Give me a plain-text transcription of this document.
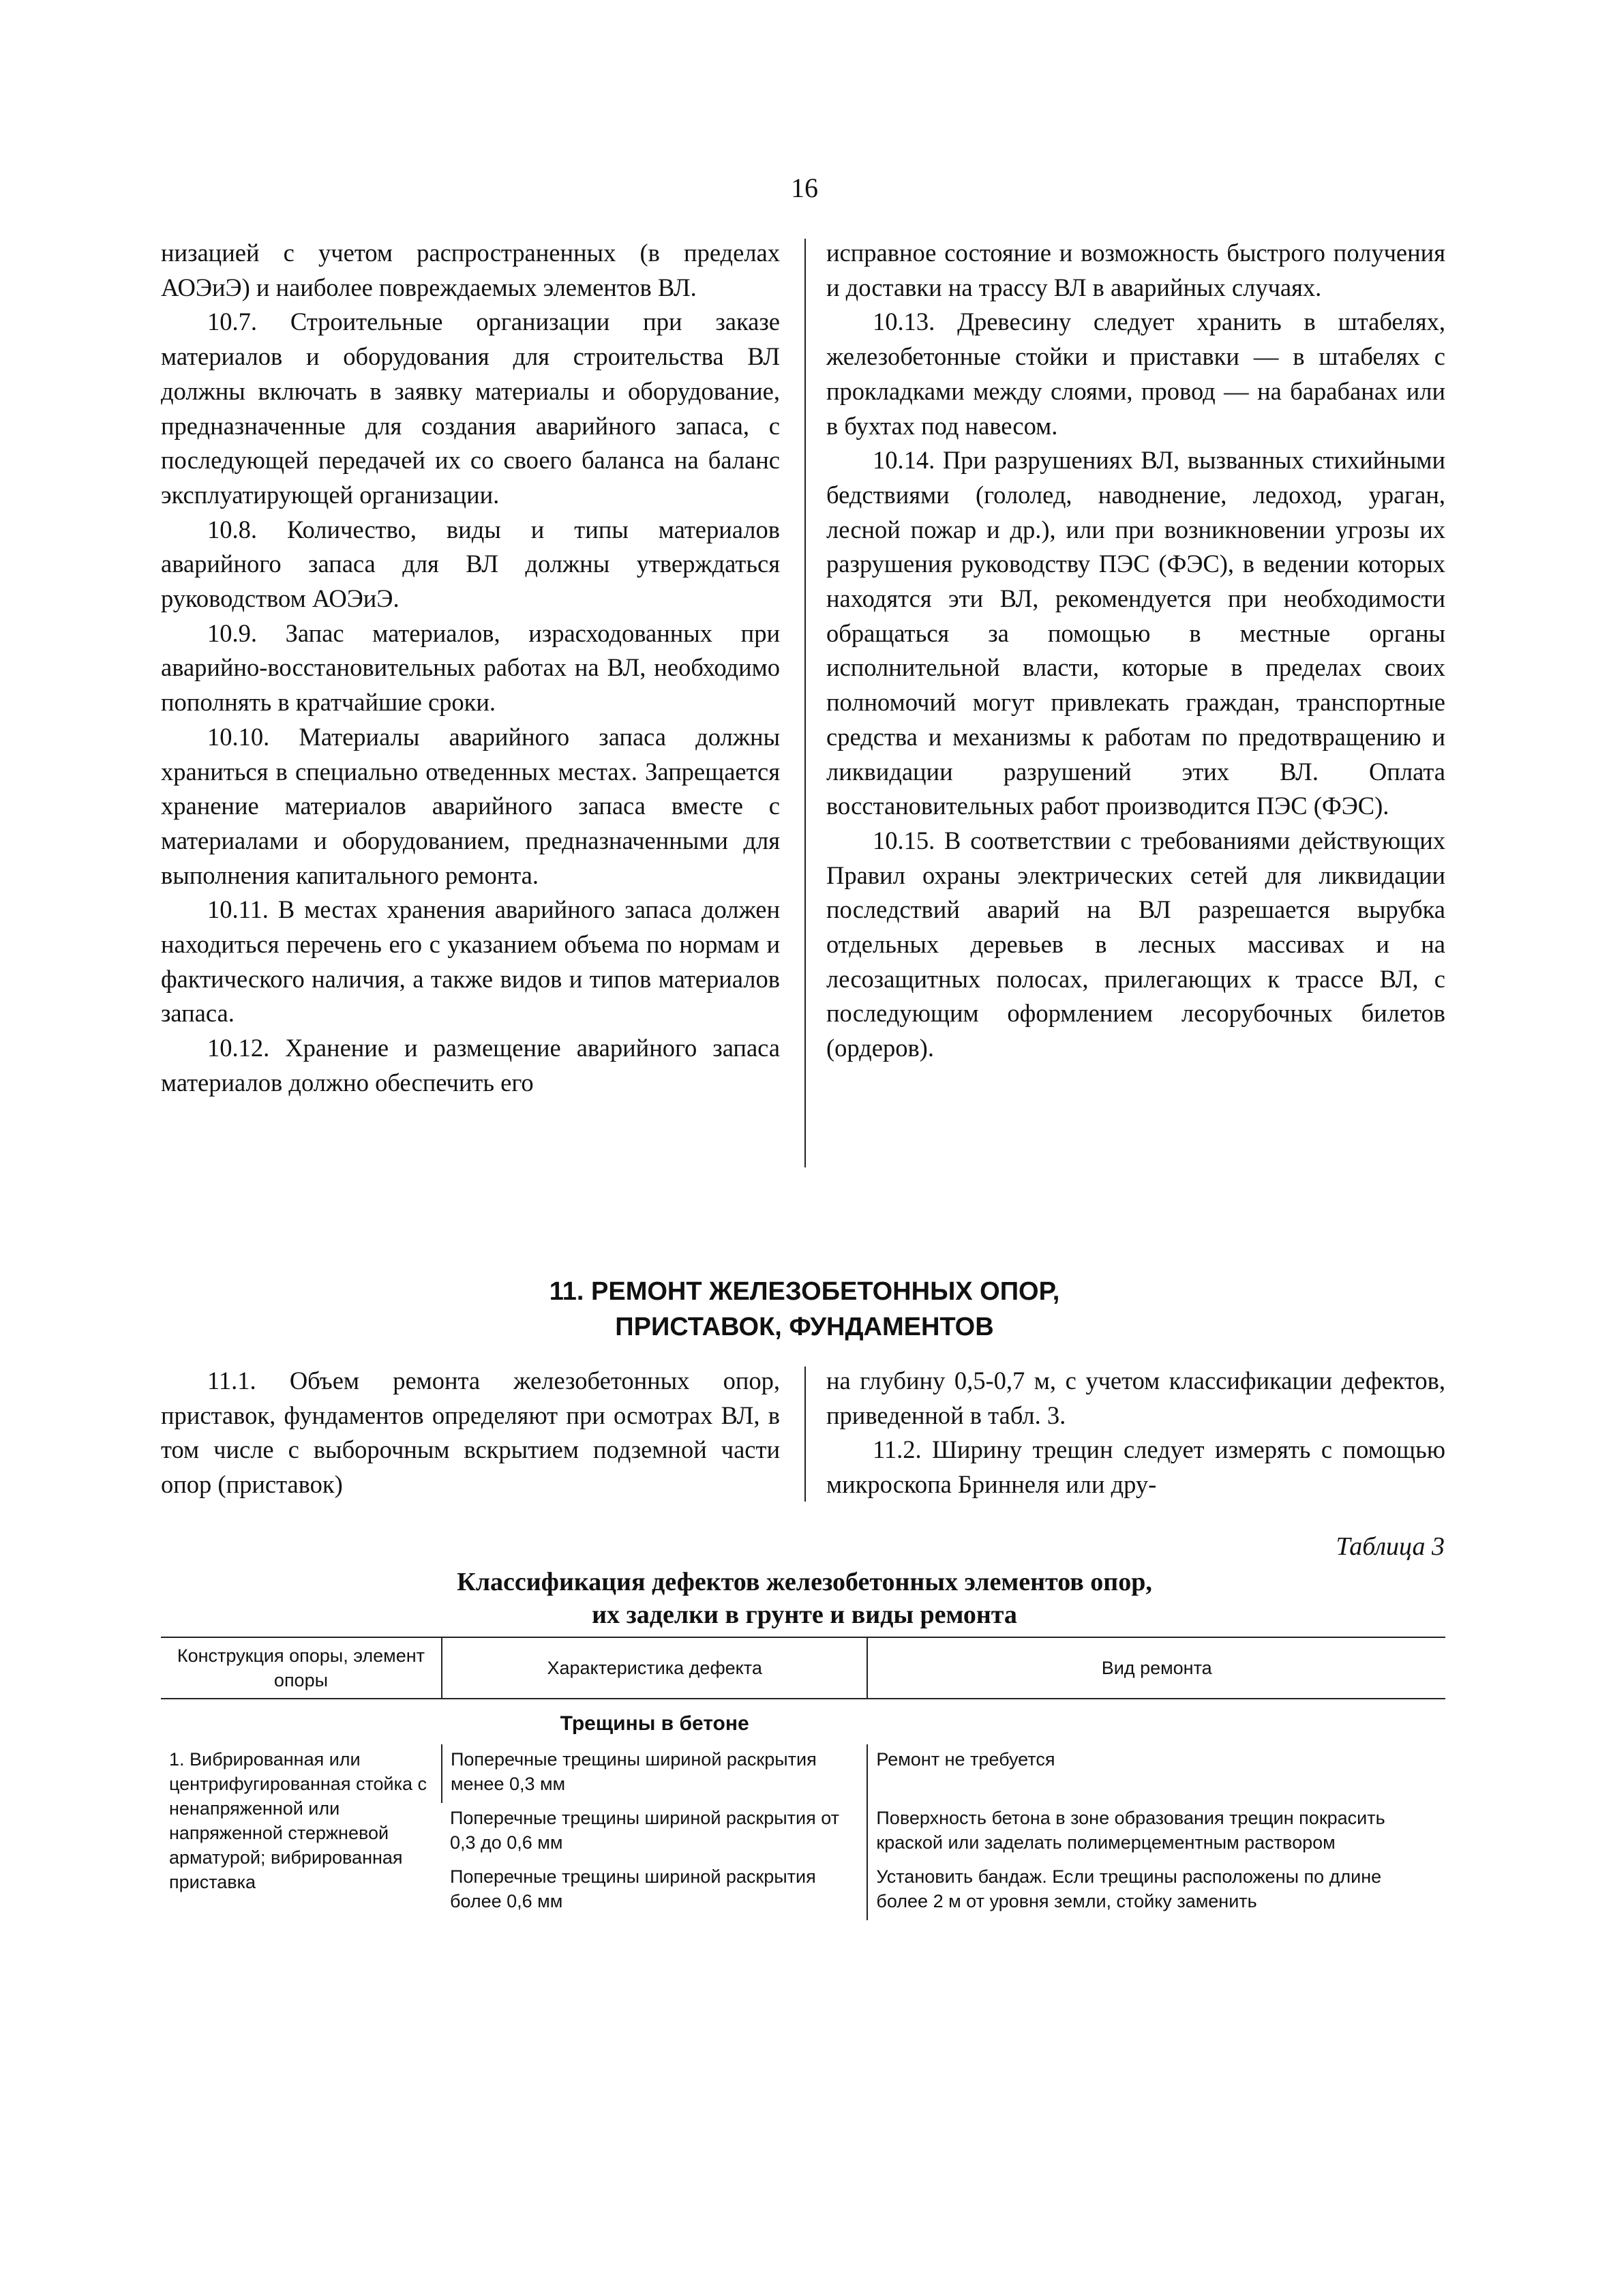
16

низацией с учетом распространенных (в пределах АОЭиЭ) и наиболее повреждаемых элементов ВЛ.

10.7. Строительные организации при заказе материалов и оборудования для строительства ВЛ должны включать в заявку материалы и оборудование, предназначенные для создания аварийного запаса, с последующей передачей их со своего баланса на баланс эксплуатирующей организации.

10.8. Количество, виды и типы материалов аварийного запаса для ВЛ должны утверждаться руководством АОЭиЭ.

10.9. Запас материалов, израсходованных при аварийно-восстановительных работах на ВЛ, необходимо пополнять в кратчайшие сроки.

10.10. Материалы аварийного запаса должны храниться в специально отведенных местах. Запрещается хранение материалов аварийного запаса вместе с материалами и оборудованием, предназначенными для выполнения капитального ремонта.

10.11. В местах хранения аварийного запаса должен находиться перечень его с указанием объема по нормам и фактического наличия, а также видов и типов материалов запаса.

10.12. Хранение и размещение аварийного запаса материалов должно обеспечить его

исправное состояние и возможность быстрого получения и доставки на трассу ВЛ в аварийных случаях.

10.13. Древесину следует хранить в штабелях, железобетонные стойки и приставки — в штабелях с прокладками между слоями, провод — на барабанах или в бухтах под навесом.

10.14. При разрушениях ВЛ, вызванных стихийными бедствиями (гололед, наводнение, ледоход, ураган, лесной пожар и др.), или при возникновении угрозы их разрушения руководству ПЭС (ФЭС), в ведении которых находятся эти ВЛ, рекомендуется при необходимости обращаться за помощью в местные органы исполнительной власти, которые в пределах своих полномочий могут привлекать граждан, транспортные средства и механизмы к работам по предотвращению и ликвидации разрушений этих ВЛ. Оплата восстановительных работ производится ПЭС (ФЭС).

10.15. В соответствии с требованиями действующих Правил охраны электрических сетей для ликвидации последствий аварий на ВЛ разрешается вырубка отдельных деревьев в лесных массивах и на лесозащитных полосах, прилегающих к трассе ВЛ, с последующим оформлением лесорубочных билетов (ордеров).

11. РЕМОНТ ЖЕЛЕЗОБЕТОННЫХ ОПОР,
ПРИСТАВОК, ФУНДАМЕНТОВ

11.1. Объем ремонта железобетонных опор, приставок, фундаментов определяют при осмотрах ВЛ, в том числе с выборочным вскрытием подземной части опор (приставок)

на глубину 0,5-0,7 м, с учетом классификации дефектов, приведенной в табл. 3.

11.2. Ширину трещин следует измерять с помощью микроскопа Бриннеля или дру-

Таблица 3
Классификация дефектов железобетонных элементов опор,
их заделки в грунте и виды ремонта
Конструкция опоры, элемент опоры	Характеристика дефекта	Вид ремонта
	Трещины в бетоне	
1. Вибрированная или центрифугированная стойка с ненапряженной или напряженной стержневой арматурой; вибрированная приставка	Поперечные трещины шириной раскрытия менее 0,3 мм	Ремонт не требуется
	Поперечные трещины шириной раскрытия от 0,3 до 0,6 мм	Поверхность бетона в зоне образования трещин покрасить краской или заделать полимерцементным раствором
	Поперечные трещины шириной раскрытия более 0,6 мм	Установить бандаж. Если трещины расположены по длине более 2 м от уровня земли, стойку заменить
